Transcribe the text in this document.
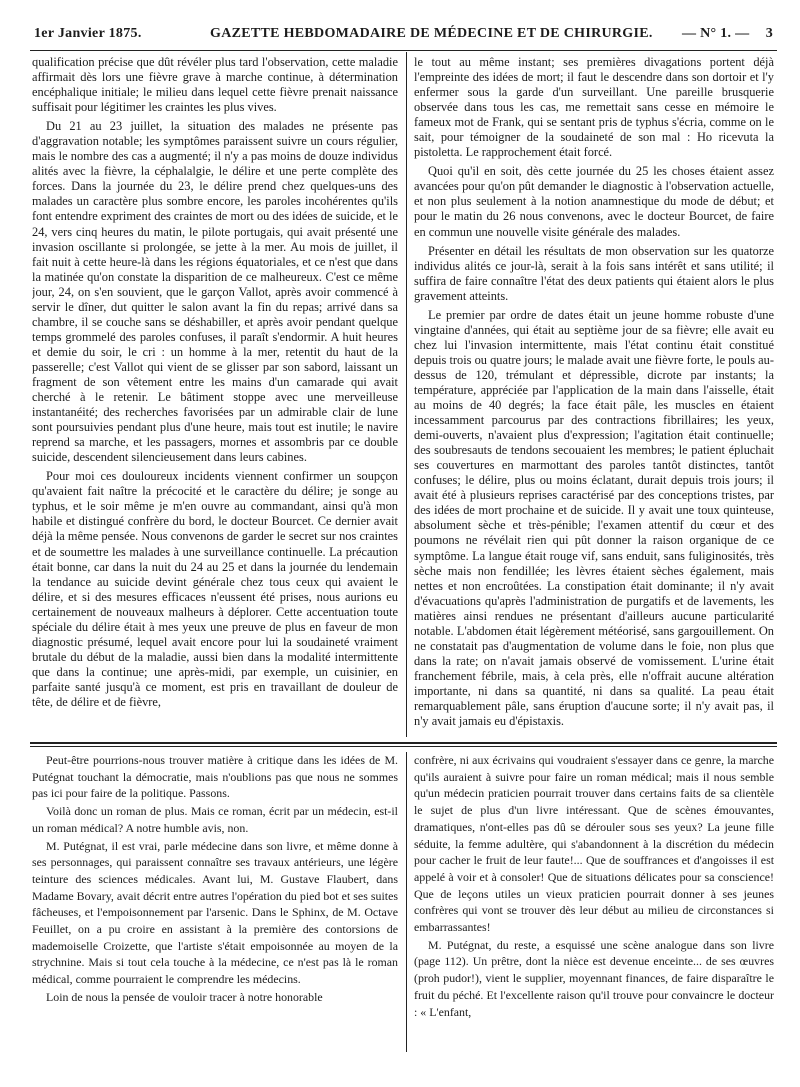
1er Janvier 1875.	GAZETTE HEBDOMADAIRE DE MÉDECINE ET DE CHIRURGIE. — N° 1. — 3

qualification précise que dût révéler plus tard l'observation, cette maladie affirmait dès lors une fièvre grave à marche continue, à détermination encéphalique initiale; le milieu dans lequel cette fièvre prenait naissance suffisait pour légitimer les craintes les plus vives.

Du 21 au 23 juillet, la situation des malades ne présente pas d'aggravation notable; les symptômes paraissent suivre un cours régulier, mais le nombre des cas a augmenté; il n'y a pas moins de douze individus alités avec la fièvre, la céphalalgie, le délire et une perte complète des forces. Dans la journée du 23, le délire prend chez quelques-uns des malades un caractère plus sombre encore, les paroles incohérentes qu'ils font entendre expriment des craintes de mort ou des idées de suicide, et le 24, vers cinq heures du matin, le pilote portugais, qui avait présenté une invasion oscillante si prolongée, se jette à la mer. Au mois de juillet, il fait nuit à cette heure-là dans les régions équatoriales, et ce n'est que dans la matinée qu'on constate la disparition de ce malheureux. C'est ce même jour, 24, on s'en souvient, que le garçon Vallot, après avoir commencé à servir le dîner, dut quitter le salon avant la fin du repas; arrivé dans sa chambre, il se couche sans se déshabiller, et après avoir pendant quelque temps grommelé des paroles confuses, il paraît s'endormir. A huit heures et demie du soir, le cri : un homme à la mer, retentit du haut de la passerelle; c'est Vallot qui vient de se glisser par son sabord, laissant un fragment de son vêtement entre les mains d'un camarade qui avait cherché à le retenir. Le bâtiment stoppe avec une merveilleuse instantanéité; des recherches favorisées par un admirable clair de lune sont poursuivies pendant plus d'une heure, mais tout est inutile; le navire reprend sa marche, et les passagers, mornes et assombris par ce double suicide, descendent silencieusement dans leurs cabines.

Pour moi ces douloureux incidents viennent confirmer un soupçon qu'avaient fait naître la précocité et le caractère du délire; je songe au typhus, et le soir même je m'en ouvre au commandant, ainsi qu'à mon habile et distingué confrère du bord, le docteur Bourcet. Ce dernier avait déjà la même pensée. Nous convenons de garder le secret sur nos craintes et de soumettre les malades à une surveillance continuelle. La précaution était bonne, car dans la nuit du 24 au 25 et dans la journée du lendemain la tendance au suicide devint générale chez tous ceux qui avaient le délire, et si des mesures efficaces n'eussent été prises, nous aurions eu certainement de nouveaux malheurs à déplorer. Cette accentuation toute spéciale du délire était à mes yeux une preuve de plus en faveur de mon diagnostic présumé, lequel avait encore pour lui la soudaineté vraiment brutale du début de la maladie, aussi bien dans la modalité intermittente que dans la continue; une après-midi, par exemple, un cuisinier, en parfaite santé jusqu'à ce moment, est pris en travaillant de douleur de tête, de délire et de fièvre,

le tout au même instant; ses premières divagations portent déjà l'empreinte des idées de mort; il faut le descendre dans son dortoir et l'y enfermer sous la garde d'un surveillant. Une pareille brusquerie observée dans tous les cas, me remettait sans cesse en mémoire le fameux mot de Frank, qui se sentant pris de typhus s'écria, comme on le sait, pour témoigner de la soudaineté de son mal : Ho ricevuta la pistoletta. Le rapprochement était forcé.

Quoi qu'il en soit, dès cette journée du 25 les choses étaient assez avancées pour qu'on pût demander le diagnostic à l'observation actuelle, et non plus seulement à la notion anamnestique du mode de début; et pour le matin du 26 nous convenons, avec le docteur Bourcet, de faire en commun une nouvelle visite générale des malades.

Présenter en détail les résultats de mon observation sur les quatorze individus alités ce jour-là, serait à la fois sans intérêt et sans utilité; il suffira de faire connaître l'état des deux patients qui étaient alors le plus gravement atteints.

Le premier par ordre de dates était un jeune homme robuste d'une vingtaine d'années, qui était au septième jour de sa fièvre; elle avait eu chez lui l'invasion intermittente, mais l'état continu était constitué depuis trois ou quatre jours; le malade avait une fièvre forte, le pouls au-dessus de 120, trémulant et dépressible, dicrote par instants; la température, appréciée par l'application de la main dans l'aisselle, était au moins de 40 degrés; la face était pâle, les muscles en étaient incessamment parcourus par des contractions fibrillaires; les yeux, demi-ouverts, n'avaient plus d'expression; l'agitation était continuelle; des soubresauts de tendons secouaient les membres; le patient épluchait ses couvertures en marmottant des paroles tantôt distinctes, tantôt confuses; le délire, plus ou moins éclatant, durait depuis trois jours; il avait été à plusieurs reprises caractérisé par des conceptions tristes, par des idées de mort prochaine et de suicide. Il y avait une toux quinteuse, absolument sèche et très-pénible; l'examen attentif du cœur et des poumons ne révélait rien qui pût donner la raison organique de ce symptôme. La langue était rouge vif, sans enduit, sans fuliginosités, très sèche mais non fendillée; les lèvres étaient sèches également, mais nettes et non encroûtées. La constipation était dominante; il n'y avait d'évacuations qu'après l'administration de purgatifs et de lavements, les matières ainsi rendues ne présentant d'ailleurs aucune particularité notable. L'abdomen était légèrement météorisé, sans gargouillement. On ne constatait pas d'augmentation de volume dans le foie, non plus que dans la rate; on n'avait jamais observé de vomissement. L'urine était franchement fébrile, mais, à cela près, elle n'offrait aucune altération importante, ni dans sa quantité, ni dans sa qualité. La peau était remarquablement pâle, sans éruption d'aucune sorte; il n'y avait pas, il n'y avait jamais eu d'épistaxis.

Peut-être pourrions-nous trouver matière à critique dans les idées de M. Putégnat touchant la démocratie, mais n'oublions pas que nous ne sommes pas ici pour faire de la politique. Passons.

Voilà donc un roman de plus. Mais ce roman, écrit par un médecin, est-il un roman médical? A notre humble avis, non.

M. Putégnat, il est vrai, parle médecine dans son livre, et même donne à ses personnages, qui paraissent connaître ses travaux antérieurs, une légère teinture des sciences médicales. Avant lui, M. Gustave Flaubert, dans Madame Bovary, avait décrit entre autres l'opération du pied bot et ses suites fâcheuses, et l'empoisonnement par l'arsenic. Dans le Sphinx, de M. Octave Feuillet, on a pu croire en assistant à la première des contorsions de mademoiselle Croizette, que l'artiste s'était empoisonnée au moyen de la strychnine. Mais si tout cela touche à la médecine, ce n'est pas là le roman médical, comme pourraient le comprendre les médecins.

Loin de nous la pensée de vouloir tracer à notre honorable

confrère, ni aux écrivains qui voudraient s'essayer dans ce genre, la marche qu'ils auraient à suivre pour faire un roman médical; mais il nous semble qu'un médecin praticien pourrait trouver dans certains faits de sa clientèle le sujet de plus d'un livre intéressant. Que de scènes émouvantes, dramatiques, n'ont-elles pas dû se dérouler sous ses yeux? La jeune fille séduite, la femme adultère, qui s'abandonnent à la discrétion du médecin pour cacher le fruit de leur faute!... Que de souffrances et d'angoisses il est appelé à voir et à consoler! Que de situations délicates pour sa conscience! Que de leçons utiles un vieux praticien pourrait donner à ses jeunes confrères qui vont se trouver dès leur début au milieu de circonstances si embarrassantes!

M. Putégnat, du reste, a esquissé une scène analogue dans son livre (page 112). Un prêtre, dont la nièce est devenue enceinte... de ses œuvres (proh pudor!), vient le supplier, moyennant finances, de faire disparaître le fruit du péché. Et l'excellente raison qu'il trouve pour convaincre le docteur : « L'enfant,
